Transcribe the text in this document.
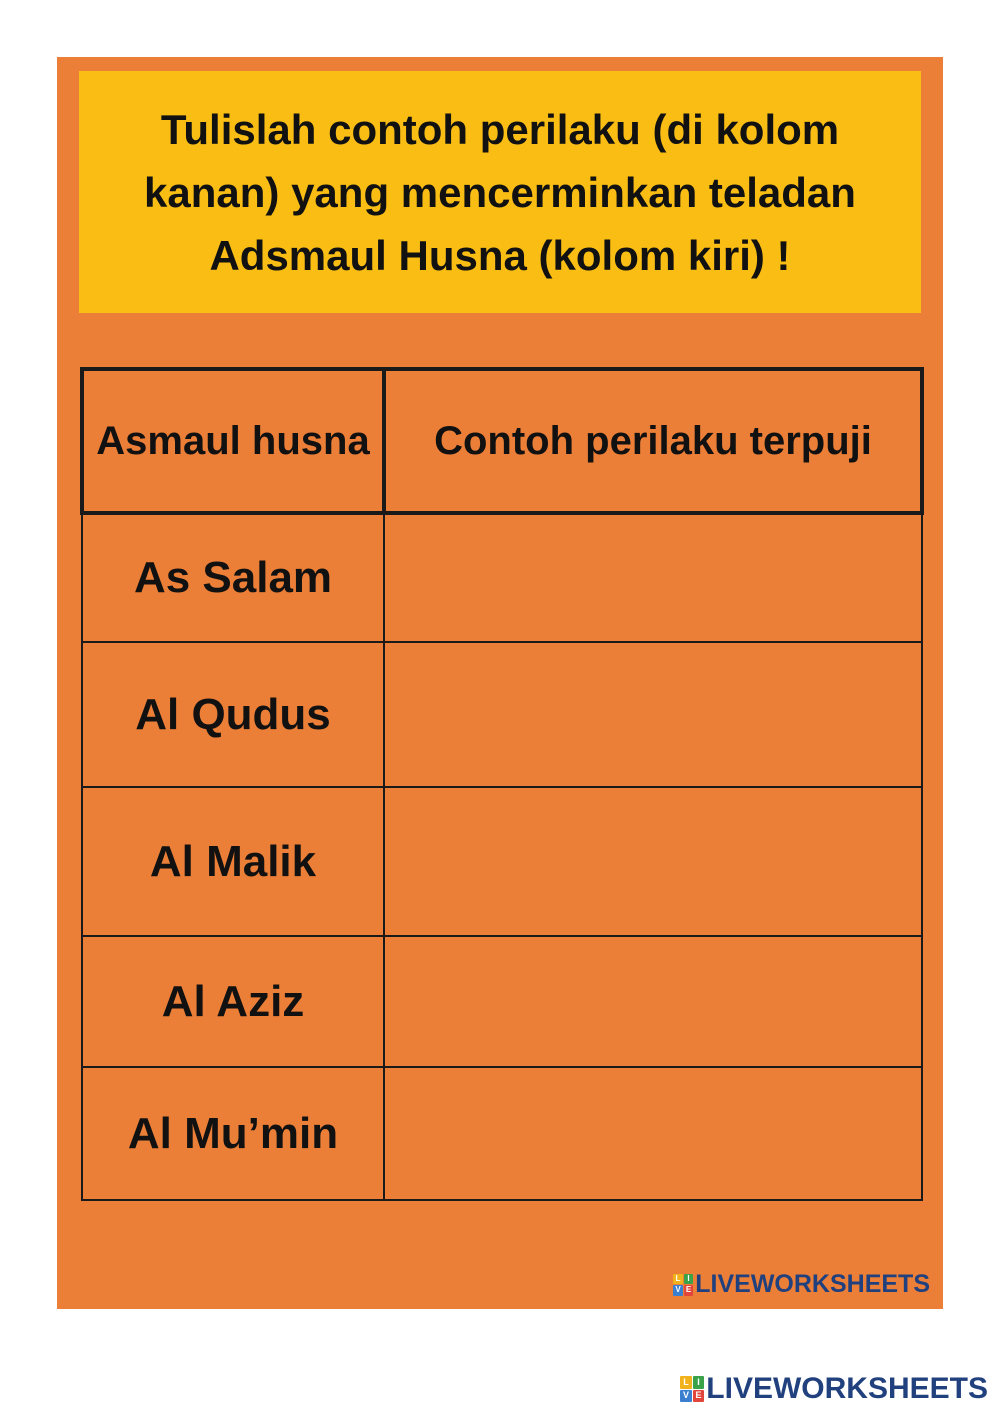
Tulislah contoh perilaku (di kolom kanan) yang mencerminkan teladan Adsmaul Husna (kolom kiri) !
Asmaul husna	Contoh perilaku terpuji
As Salam	
Al Qudus	
Al Malik	
Al Aziz	
Al Mu’min	
L I
V E LIVEWORKSHEETS
L I
V E LIVEWORKSHEETS
